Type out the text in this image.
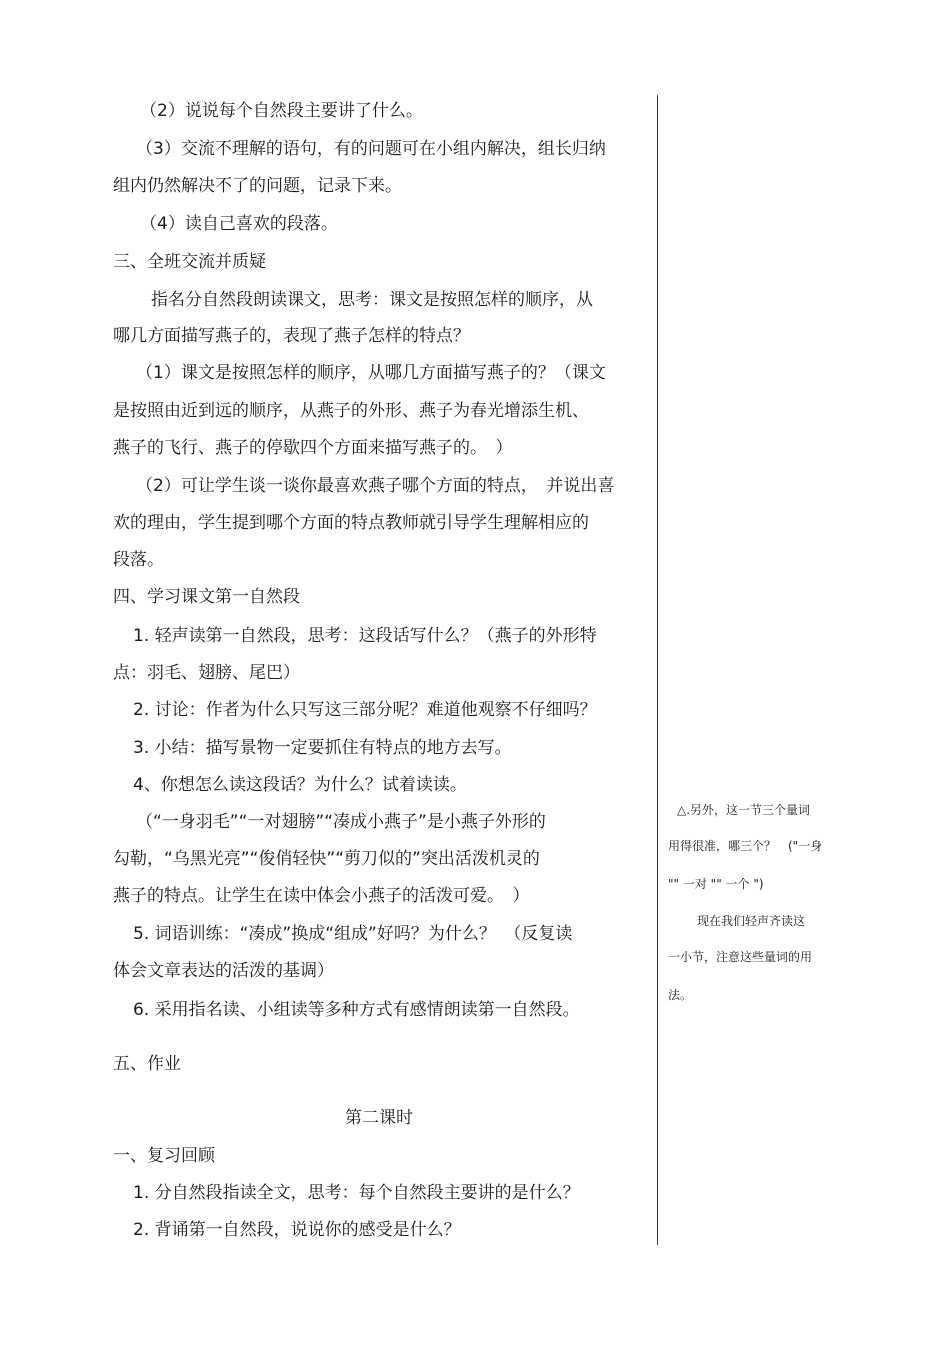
（2）说说每个自然段主要讲了什么。
（3）交流不理解的语句，有的问题可在小组内解决，组长归纳
组内仍然解决不了的问题，记录下来。
（4）读自己喜欢的段落。
三、全班交流并质疑
指名分自然段朗读课文，思考：课文是按照怎样的顺序，从
哪几方面描写燕子的，表现了燕子怎样的特点？
（1）课文是按照怎样的顺序，从哪几方面描写燕子的？（课文
是按照由近到远的顺序，从燕子的外形、燕子为春光增添生机、
燕子的飞行、燕子的停歇四个方面来描写燕子的。　）
（2）可让学生谈一谈你最喜欢燕子哪个方面的特点，　并说出喜
欢的理由，学生提到哪个方面的特点教师就引导学生理解相应的
段落。
四、学习课文第一自然段
1. 轻声读第一自然段，思考：这段话写什么？（燕子的外形特
点：羽毛、翅膀、尾巴）
2. 讨论：作者为什么只写这三部分呢？难道他观察不仔细吗？
3. 小结：描写景物一定要抓住有特点的地方去写。
4、你想怎么读这段话？为什么？试着读读。
（“一身羽毛”“一对翅膀”“凑成小燕子”是小燕子外形的
勾勒，“乌黑光亮”“俊俏轻快”“剪刀似的”突出活泼机灵的
燕子的特点。让学生在读中体会小燕子的活泼可爱。　）
5. 词语训练：“凑成”换成“组成”好吗？为什么？　（反复读
体会文章表达的活泼的基调）
6. 采用指名读、小组读等多种方式有感情朗读第一自然段。
五、作业
第二课时
一、复习回顾
1. 分自然段指读全文，思考：每个自然段主要讲的是什么？
2. 背诵第一自然段，说说你的感受是什么？
△.另外，这一节三个量词
用得很准，哪三个？　("一身
"" 一对 "" 一个 ")
现在我们轻声齐读这
一小节，注意这些量词的用
法。
